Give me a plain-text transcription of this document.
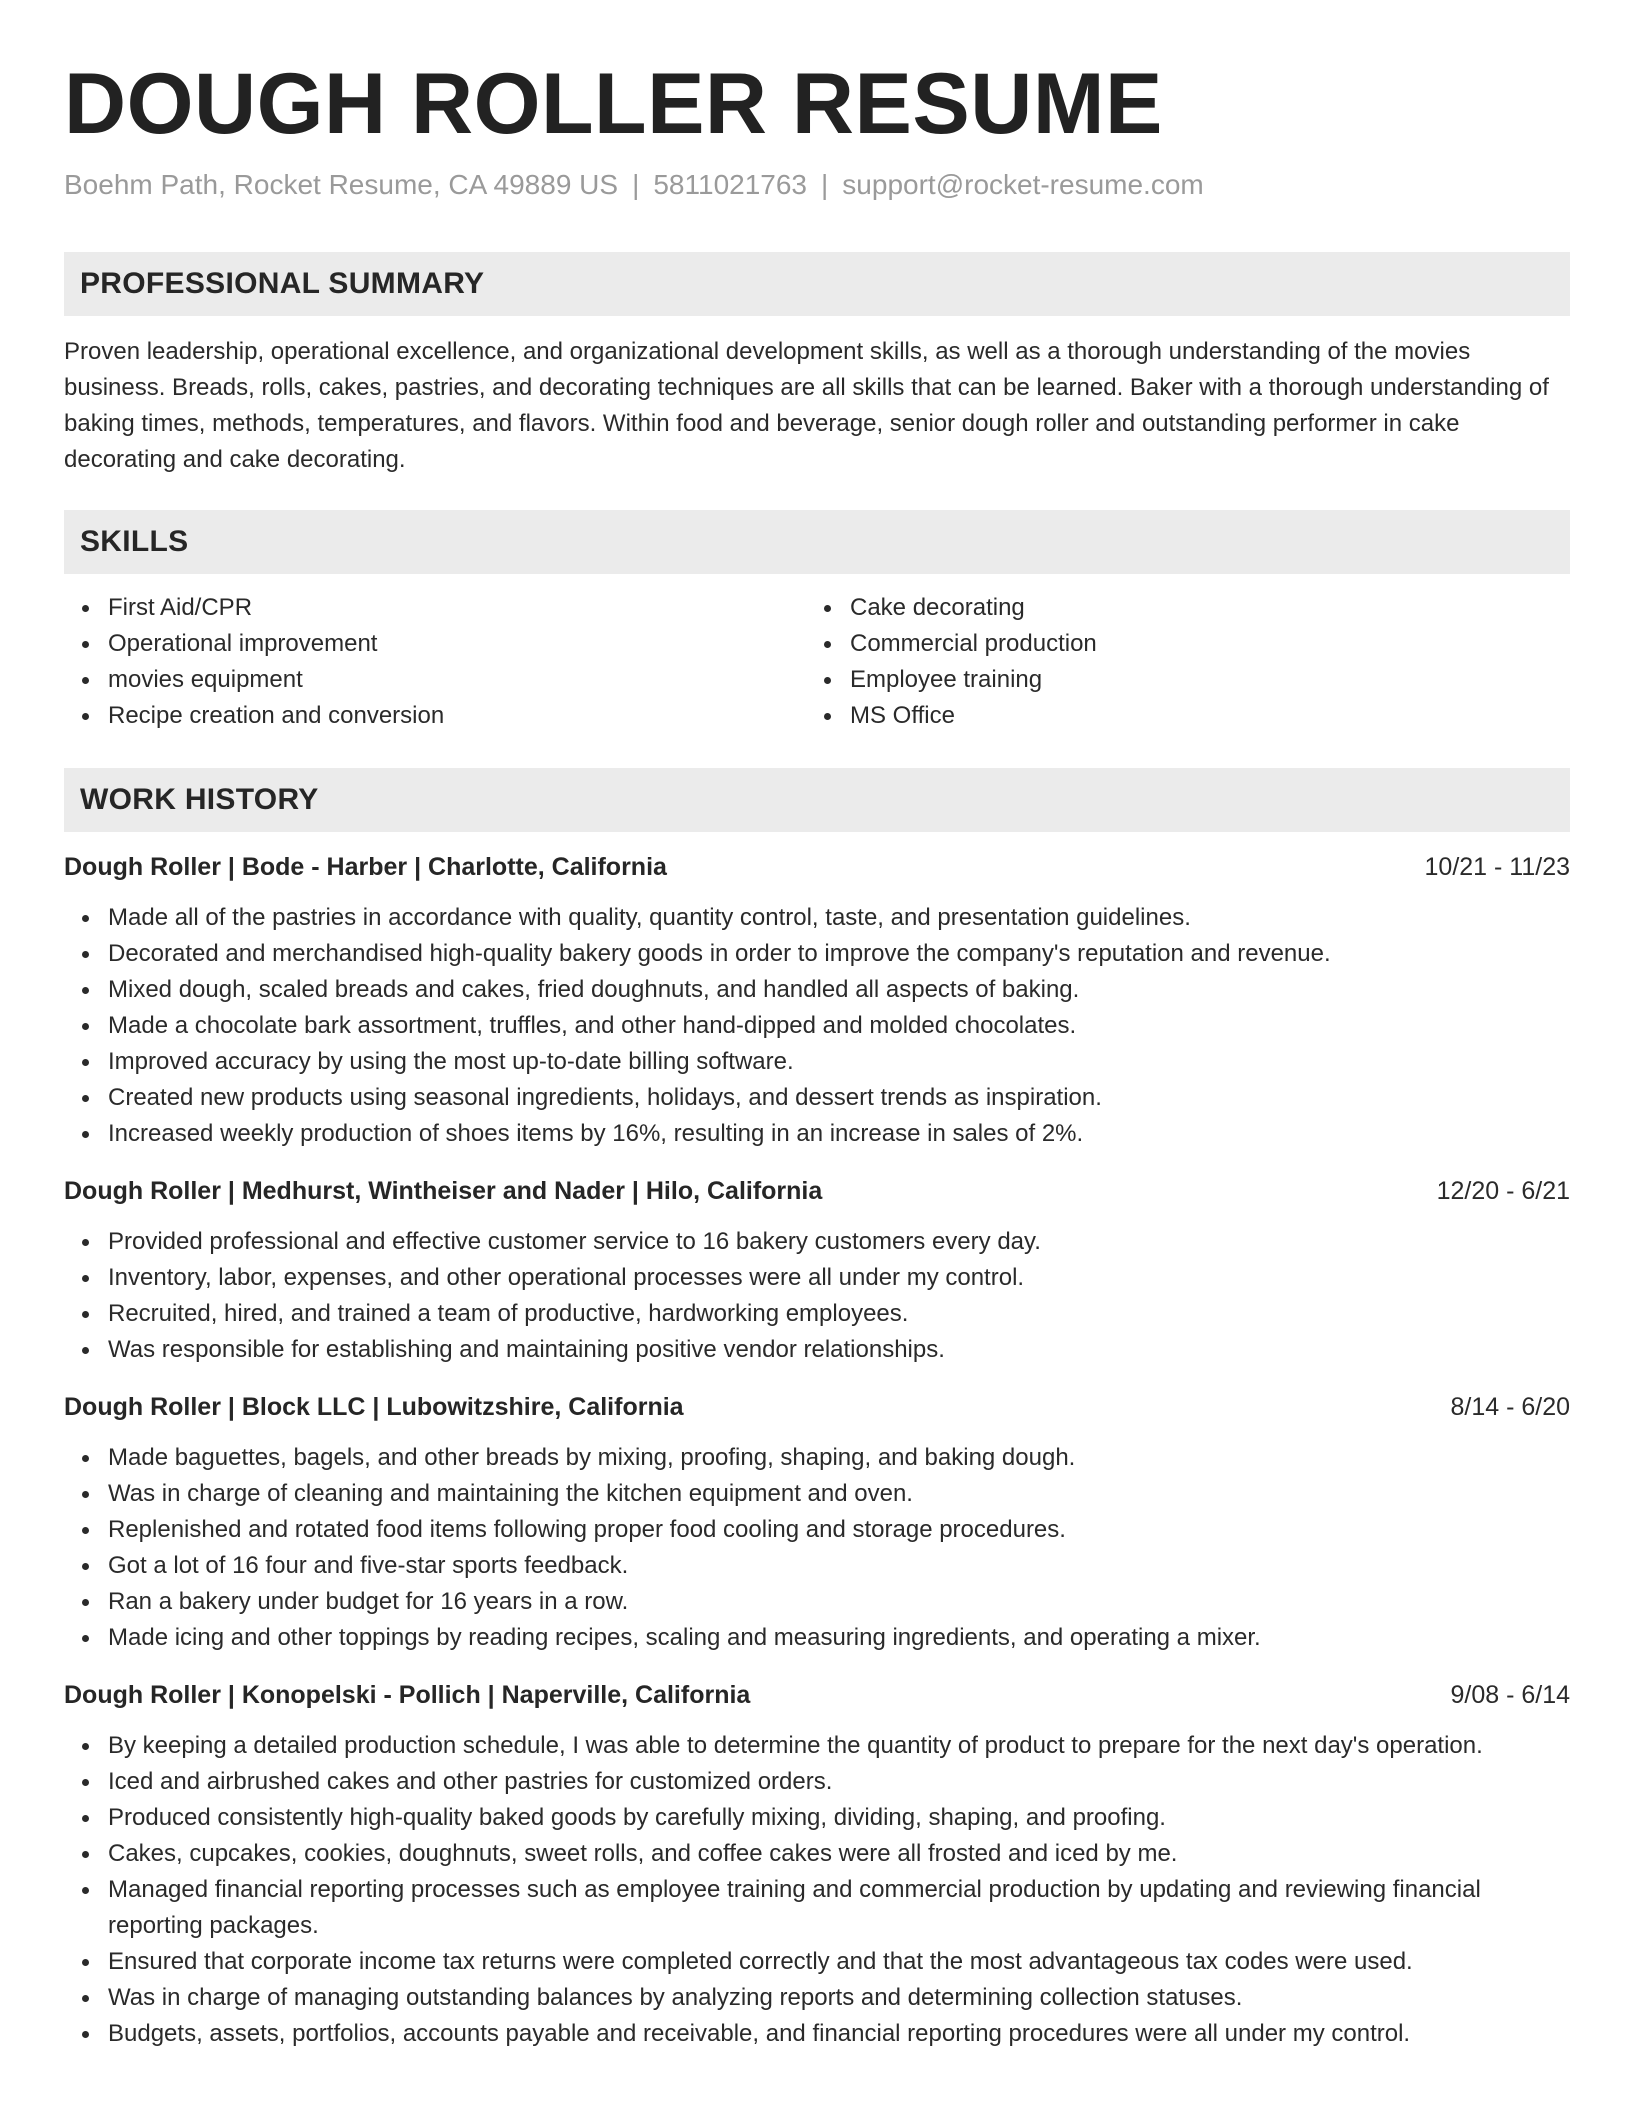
DOUGH ROLLER RESUME
Boehm Path, Rocket Resume, CA 49889 US | 5811021763 | support@rocket-resume.com
PROFESSIONAL SUMMARY

Proven leadership, operational excellence, and organizational development skills, as well as a thorough understanding of the movies business. Breads, rolls, cakes, pastries, and decorating techniques are all skills that can be learned. Baker with a thorough understanding of baking times, methods, temperatures, and flavors. Within food and beverage, senior dough roller and outstanding performer in cake decorating and cake decorating.

SKILLS
First Aid/CPR
Operational improvement
movies equipment
Recipe creation and conversion
Cake decorating
Commercial production
Employee training
MS Office
WORK HISTORY
Dough Roller | Bode - Harber | Charlotte, California	10/21 - 11/23
Made all of the pastries in accordance with quality, quantity control, taste, and presentation guidelines.
Decorated and merchandised high-quality bakery goods in order to improve the company's reputation and revenue.
Mixed dough, scaled breads and cakes, fried doughnuts, and handled all aspects of baking.
Made a chocolate bark assortment, truffles, and other hand-dipped and molded chocolates.
Improved accuracy by using the most up-to-date billing software.
Created new products using seasonal ingredients, holidays, and dessert trends as inspiration.
Increased weekly production of shoes items by 16%, resulting in an increase in sales of 2%.
Dough Roller | Medhurst, Wintheiser and Nader | Hilo, California	12/20 - 6/21
Provided professional and effective customer service to 16 bakery customers every day.
Inventory, labor, expenses, and other operational processes were all under my control.
Recruited, hired, and trained a team of productive, hardworking employees.
Was responsible for establishing and maintaining positive vendor relationships.
Dough Roller | Block LLC | Lubowitzshire, California	8/14 - 6/20
Made baguettes, bagels, and other breads by mixing, proofing, shaping, and baking dough.
Was in charge of cleaning and maintaining the kitchen equipment and oven.
Replenished and rotated food items following proper food cooling and storage procedures.
Got a lot of 16 four and five-star sports feedback.
Ran a bakery under budget for 16 years in a row.
Made icing and other toppings by reading recipes, scaling and measuring ingredients, and operating a mixer.
Dough Roller | Konopelski - Pollich | Naperville, California	9/08 - 6/14
By keeping a detailed production schedule, I was able to determine the quantity of product to prepare for the next day's operation.
Iced and airbrushed cakes and other pastries for customized orders.
Produced consistently high-quality baked goods by carefully mixing, dividing, shaping, and proofing.
Cakes, cupcakes, cookies, doughnuts, sweet rolls, and coffee cakes were all frosted and iced by me.
Managed financial reporting processes such as employee training and commercial production by updating and reviewing financial reporting packages.
Ensured that corporate income tax returns were completed correctly and that the most advantageous tax codes were used.
Was in charge of managing outstanding balances by analyzing reports and determining collection statuses.
Budgets, assets, portfolios, accounts payable and receivable, and financial reporting procedures were all under my control.
